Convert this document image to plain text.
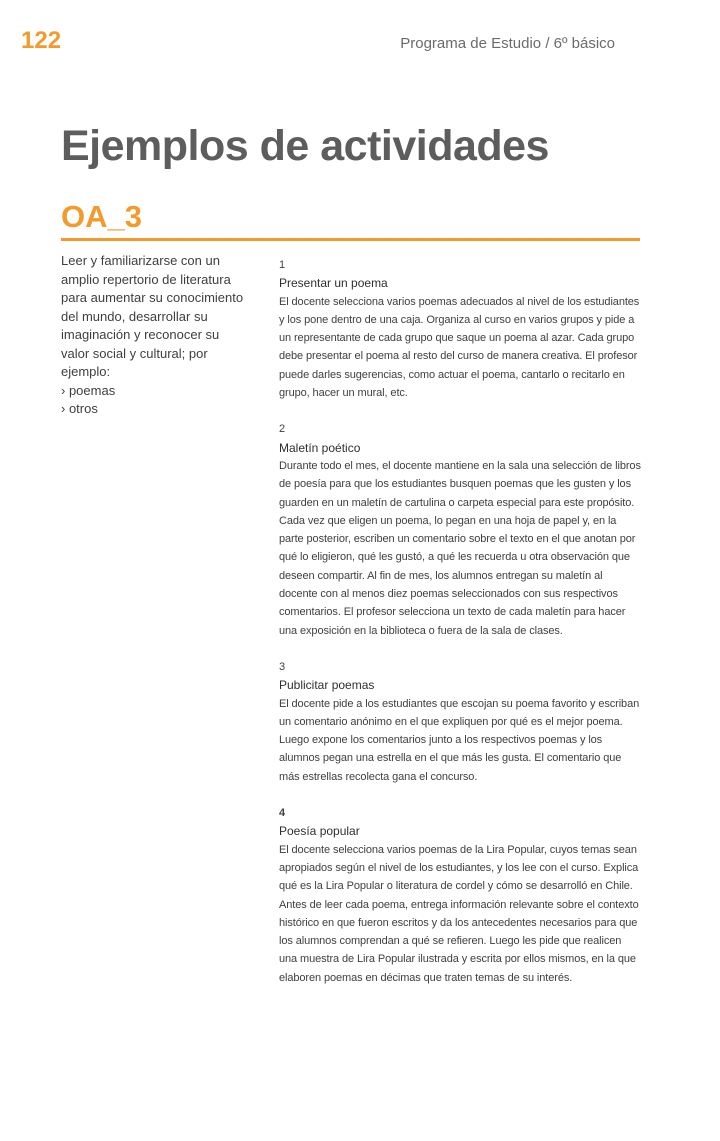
122	Programa de Estudio / 6º básico
Ejemplos de actividades
OA_3
Leer y familiarizarse con un amplio repertorio de literatura para aumentar su conocimiento del mundo, desarrollar su imaginación y reconocer su valor social y cultural; por ejemplo:
› poemas
› otros
1
Presentar un poema
El docente selecciona varios poemas adecuados al nivel de los estudiantes y los pone dentro de una caja. Organiza al curso en varios grupos y pide a un representante de cada grupo que saque un poema al azar. Cada grupo debe presentar el poema al resto del curso de manera creativa. El profesor puede darles sugerencias, como actuar el poema, cantarlo o recitarlo en grupo, hacer un mural, etc.
2
Maletín poético
Durante todo el mes, el docente mantiene en la sala una selección de libros de poesía para que los estudiantes busquen poemas que les gusten y los guarden en un maletín de cartulina o carpeta especial para este propósito. Cada vez que eligen un poema, lo pegan en una hoja de papel y, en la parte posterior, escriben un comentario sobre el texto en el que anotan por qué lo eligieron, qué les gustó, a qué les recuerda u otra observación que deseen compartir. Al fin de mes, los alumnos entregan su maletín al docente con al menos diez poemas seleccionados con sus respectivos comentarios. El profesor selecciona un texto de cada maletín para hacer una exposición en la biblioteca o fuera de la sala de clases.
3
Publicitar poemas
El docente pide a los estudiantes que escojan su poema favorito y escriban un comentario anónimo en el que expliquen por qué es el mejor poema. Luego expone los comentarios junto a los respectivos poemas y los alumnos pegan una estrella en el que más les gusta. El comentario que más estrellas recolecta gana el concurso.
4
Poesía popular
El docente selecciona varios poemas de la Lira Popular, cuyos temas sean apropiados según el nivel de los estudiantes, y los lee con el curso. Explica qué es la Lira Popular o literatura de cordel y cómo se desarrolló en Chile. Antes de leer cada poema, entrega información relevante sobre el contexto histórico en que fueron escritos y da los antecedentes necesarios para que los alumnos comprendan a qué se refieren. Luego les pide que realicen una muestra de Lira Popular ilustrada y escrita por ellos mismos, en la que elaboren poemas en décimas que traten temas de su interés.
